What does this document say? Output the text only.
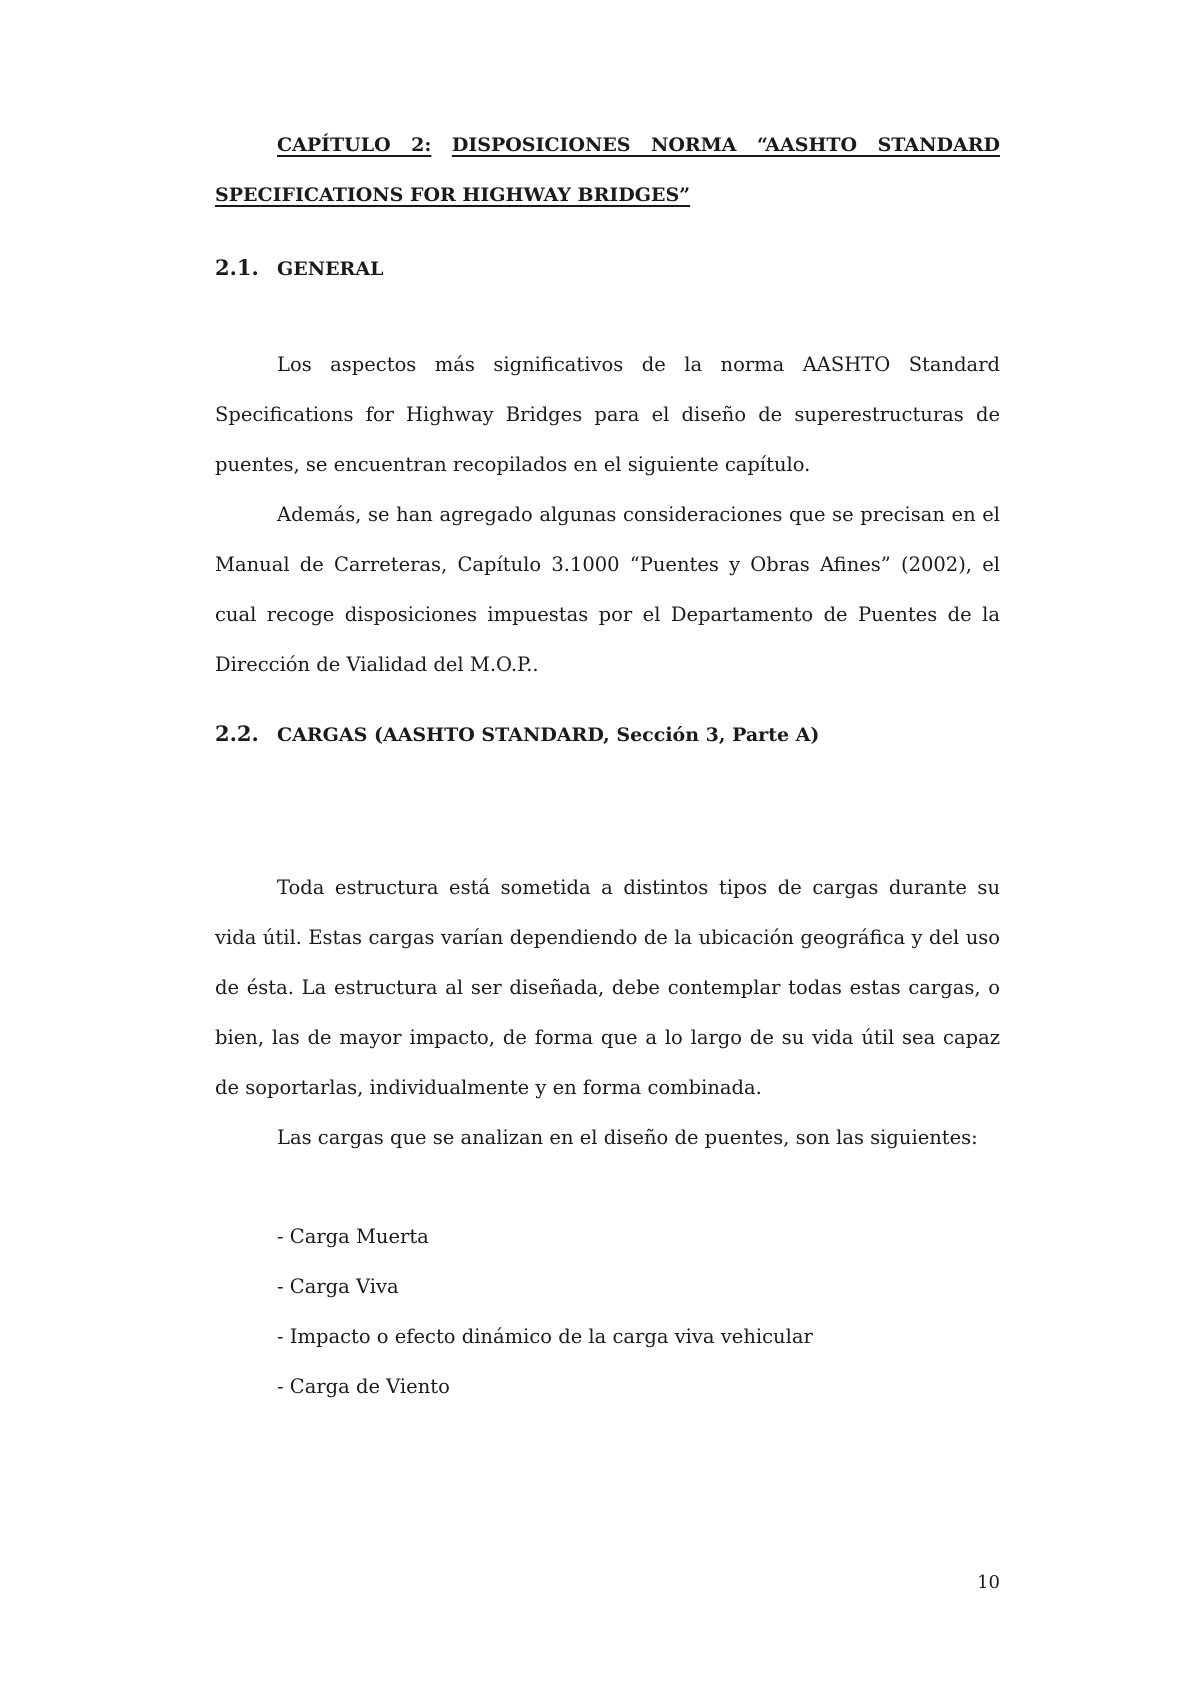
CAPÍTULO 2: DISPOSICIONES NORMA “AASHTO STANDARD
SPECIFICATIONS FOR HIGHWAY BRIDGES”
2.1. GENERAL

Los aspectos más significativos de la norma AASHTO Standard Specifications for Highway Bridges para el diseño de superestructuras de puentes, se encuentran recopilados en el siguiente capítulo.

Además, se han agregado algunas consideraciones que se precisan en el Manual de Carreteras, Capítulo 3.1000 “Puentes y Obras Afines” (2002), el cual recoge disposiciones impuestas por el Departamento de Puentes de la Dirección de Vialidad del M.O.P..

2.2. CARGAS (AASHTO STANDARD, Sección 3, Parte A)

Toda estructura está sometida a distintos tipos de cargas durante su vida útil. Estas cargas varían dependiendo de la ubicación geográfica y del uso de ésta. La estructura al ser diseñada, debe contemplar todas estas cargas, o bien, las de mayor impacto, de forma que a lo largo de su vida útil sea capaz de soportarlas, individualmente y en forma combinada.

Las cargas que se analizan en el diseño de puentes, son las siguientes:

- Carga Muerta
- Carga Viva
- Impacto o efecto dinámico de la carga viva vehicular
- Carga de Viento

10
